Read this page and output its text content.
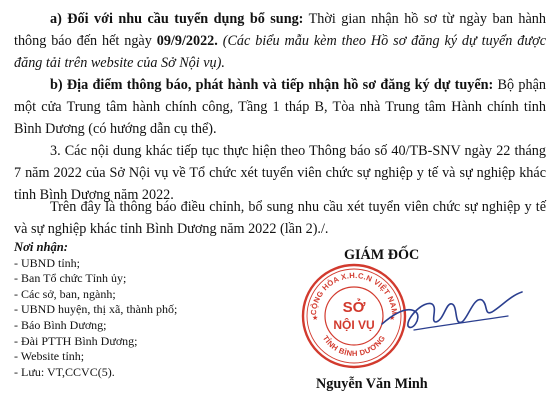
a) Đối với nhu cầu tuyển dụng bổ sung: Thời gian nhận hồ sơ từ ngày ban hành thông báo đến hết ngày 09/9/2022. (Các biểu mẫu kèm theo Hồ sơ đăng ký dự tuyển được đăng tải trên website của Sở Nội vụ).

b) Địa điểm thông báo, phát hành và tiếp nhận hồ sơ đăng ký dự tuyển: Bộ phận một cửa Trung tâm hành chính công, Tầng 1 tháp B, Tòa nhà Trung tâm Hành chính tỉnh Bình Dương (có hướng dẫn cụ thể).

3. Các nội dung khác tiếp tục thực hiện theo Thông báo số 40/TB-SNV ngày 22 tháng 7 năm 2022 của Sở Nội vụ về Tổ chức xét tuyển viên chức sự nghiệp y tế và sự nghiệp khác tỉnh Bình Dương năm 2022.

Trên đây là thông báo điều chỉnh, bổ sung nhu cầu xét tuyển viên chức sự nghiệp y tế và sự nghiệp khác tỉnh Bình Dương năm 2022 (lần 2)./.

Nơi nhận:
- UBND tỉnh;
- Ban Tổ chức Tỉnh ủy;
- Các sở, ban, ngành;
- UBND huyện, thị xã, thành phố;
- Báo Bình Dương;
- Đài PTTH Bình Dương;
- Website tỉnh;
- Lưu: VT,CCVC(5).
GIÁM ĐỐC
CỘNG HÒA X.H.C.N VIỆT NAM
TỈNH BÌNH DƯƠNG
SỞ
NỘI VỤ
★	★
Nguyễn Văn Minh
